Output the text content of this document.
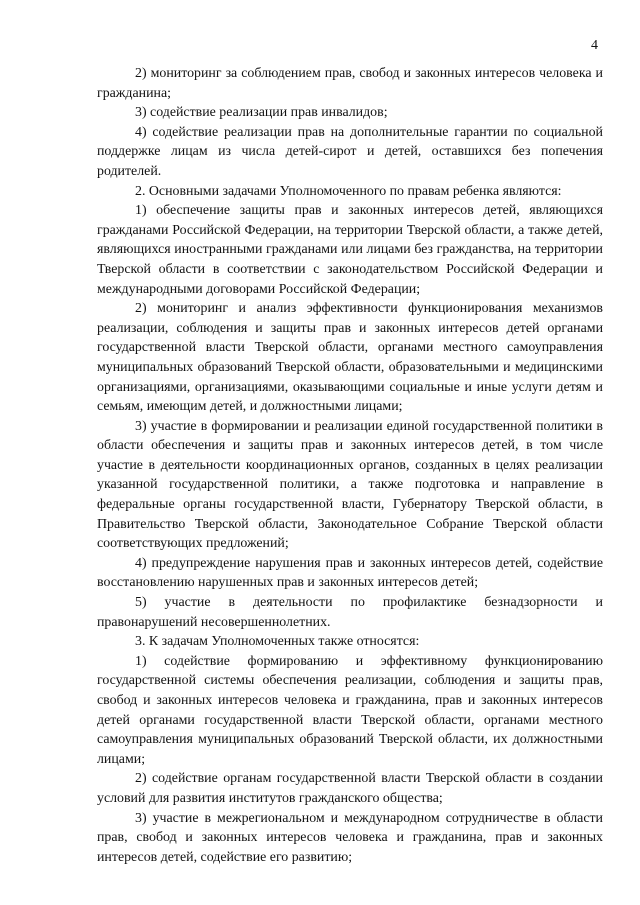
4

2) мониторинг за соблюдением прав, свобод и законных интересов человека и гражданина;

3) содействие реализации прав инвалидов;

4) содействие реализации прав на дополнительные гарантии по социальной поддержке лицам из числа детей-сирот и детей, оставшихся без попечения родителей.

2. Основными задачами Уполномоченного по правам ребенка являются:

1) обеспечение защиты прав и законных интересов детей, являющихся гражданами Российской Федерации, на территории Тверской области, а также детей, являющихся иностранными гражданами или лицами без гражданства, на территории Тверской области в соответствии с законодательством Российской Федерации и международными договорами Российской Федерации;

2) мониторинг и анализ эффективности функционирования механизмов реализации, соблюдения и защиты прав и законных интересов детей органами государственной власти Тверской области, органами местного самоуправления муниципальных образований Тверской области, образовательными и медицинскими организациями, организациями, оказывающими социальные и иные услуги детям и семьям, имеющим детей, и должностными лицами;

3) участие в формировании и реализации единой государственной политики в области обеспечения и защиты прав и законных интересов детей, в том числе участие в деятельности координационных органов, созданных в целях реализации указанной государственной политики, а также подготовка и направление в федеральные органы государственной власти, Губернатору Тверской области, в Правительство Тверской области, Законодательное Собрание Тверской области соответствующих предложений;

4) предупреждение нарушения прав и законных интересов детей, содействие восстановлению нарушенных прав и законных интересов детей;

5) участие в деятельности по профилактике безнадзорности и правонарушений несовершеннолетних.

3. К задачам Уполномоченных также относятся:

1) содействие формированию и эффективному функционированию государственной системы обеспечения реализации, соблюдения и защиты прав, свобод и законных интересов человека и гражданина, прав и законных интересов детей органами государственной власти Тверской области, органами местного самоуправления муниципальных образований Тверской области, их должностными лицами;

2) содействие органам государственной власти Тверской области в создании условий для развития институтов гражданского общества;

3) участие в межрегиональном и международном сотрудничестве в области прав, свобод и законных интересов человека и гражданина, прав и законных интересов детей, содействие его развитию;
